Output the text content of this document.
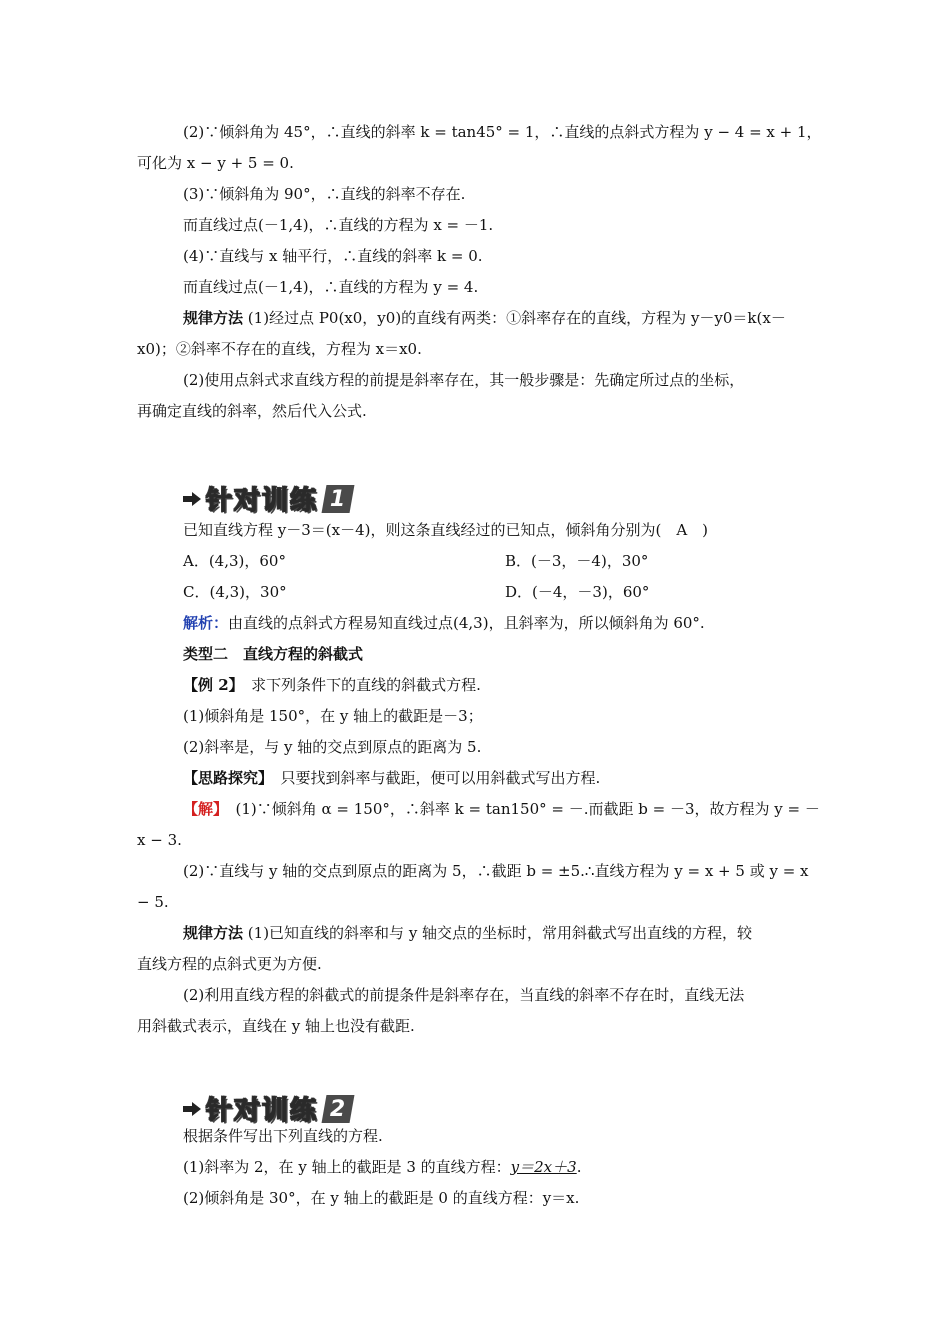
(2)∵倾斜角为 45°，∴直线的斜率 k = tan45° = 1，∴直线的点斜式方程为 y − 4 = x + 1，
可化为 x − y + 5 = 0.
(3)∵倾斜角为 90°，∴直线的斜率不存在.
而直线过点(－1,4)，∴直线的方程为 x = －1.
(4)∵直线与 x 轴平行，∴直线的斜率 k = 0.
而直线过点(－1,4)，∴直线的方程为 y = 4.
规律方法 (1)经过点 P0(x0，y0)的直线有两类：①斜率存在的直线，方程为 y－y0＝k(x－
x0)；②斜率不存在的直线，方程为 x＝x0.
(2)使用点斜式求直线方程的前提是斜率存在，其一般步骤是：先确定所过点的坐标，
再确定直线的斜率，然后代入公式.
针对训练 1
已知直线方程 y－3＝(x－4)，则这条直线经过的已知点，倾斜角分别为(　A　)
A．(4,3)，60°	B．(－3，－4)，30°
C．(4,3)，30°	D．(－4，－3)，60°
解析：由直线的点斜式方程易知直线过点(4,3)，且斜率为，所以倾斜角为 60°.
类型二　直线方程的斜截式
【例 2】　求下列条件下的直线的斜截式方程.
(1)倾斜角是 150°，在 y 轴上的截距是－3；
(2)斜率是，与 y 轴的交点到原点的距离为 5.
【思路探究】　只要找到斜率与截距，便可以用斜截式写出方程.
【解】　(1)∵倾斜角 α = 150°，∴斜率 k = tan150° = －.而截距 b = －3，故方程为 y = －
x − 3.
(2)∵直线与 y 轴的交点到原点的距离为 5，∴截距 b = ±5.∴直线方程为 y = x + 5 或 y = x
− 5.
规律方法 (1)已知直线的斜率和与 y 轴交点的坐标时，常用斜截式写出直线的方程，较
直线方程的点斜式更为方便.
(2)利用直线方程的斜截式的前提条件是斜率存在，当直线的斜率不存在时，直线无法
用斜截式表示，直线在 y 轴上也没有截距.
针对训练 2
根据条件写出下列直线的方程.
(1)斜率为 2，在 y 轴上的截距是 3 的直线方程：y＝2x＋3.
(2)倾斜角是 30°，在 y 轴上的截距是 0 的直线方程：y＝x.
